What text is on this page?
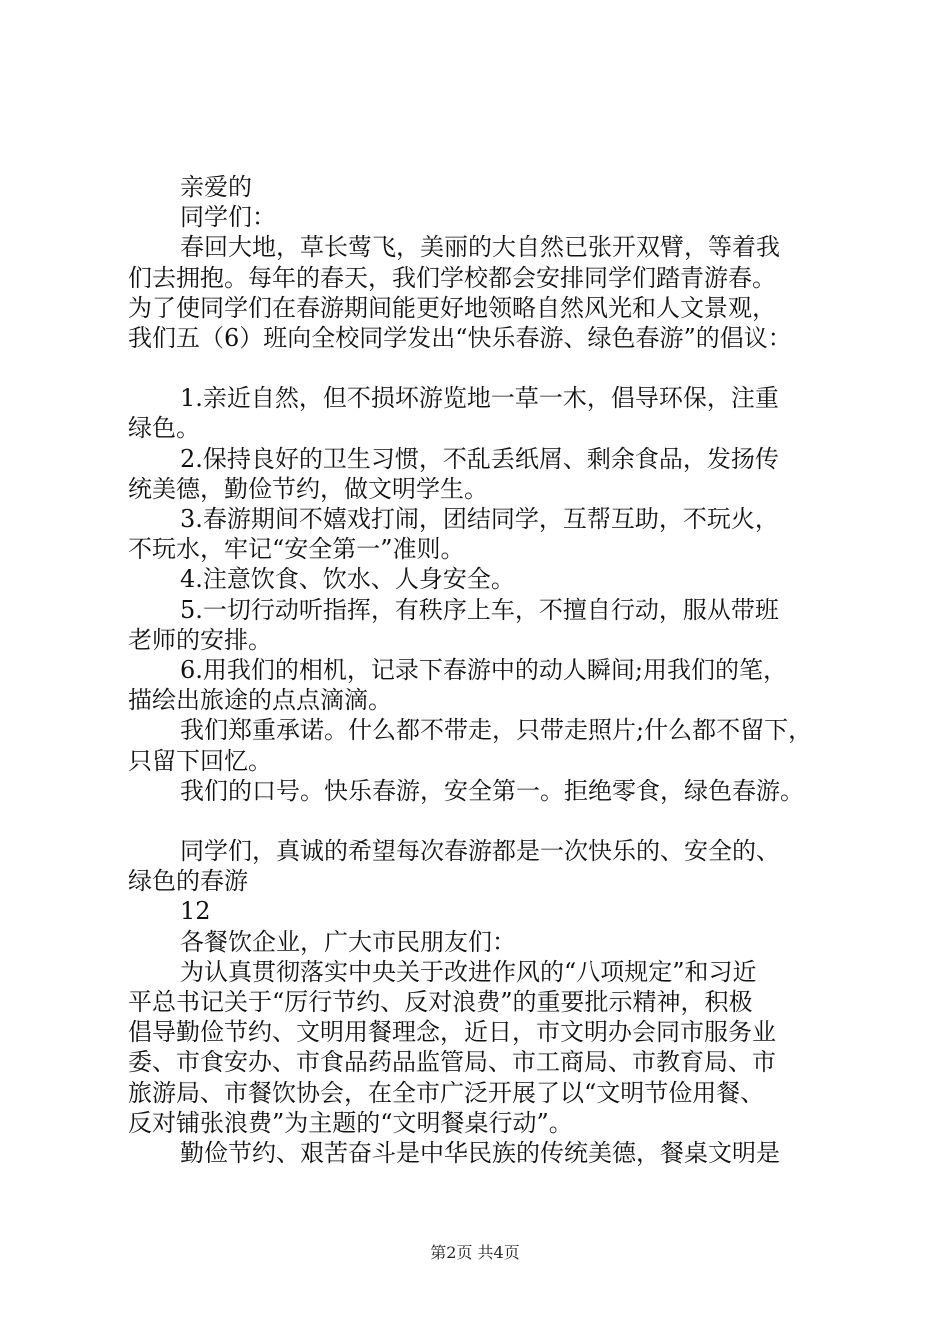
亲爱的

同学们：

春回大地，草长莺飞，美丽的大自然已张开双臂，等着我

们去拥抱。每年的春天，我们学校都会安排同学们踏青游春。

为了使同学们在春游期间能更好地领略自然风光和人文景观，

我们五（6）班向全校同学发出“快乐春游、绿色春游”的倡议：

1.亲近自然，但不损坏游览地一草一木，倡导环保，注重

绿色。

2.保持良好的卫生习惯，不乱丢纸屑、剩余食品，发扬传

统美德，勤俭节约，做文明学生。

3.春游期间不嬉戏打闹，团结同学，互帮互助，不玩火，

不玩水，牢记“安全第一”准则。

4.注意饮食、饮水、人身安全。

5.一切行动听指挥，有秩序上车，不擅自行动，服从带班

老师的安排。

6.用我们的相机，记录下春游中的动人瞬间;用我们的笔，

描绘出旅途的点点滴滴。

我们郑重承诺。什么都不带走，只带走照片;什么都不留下，

只留下回忆。

我们的口号。快乐春游，安全第一。拒绝零食，绿色春游。

同学们，真诚的希望每次春游都是一次快乐的、安全的、

绿色的春游

12

各餐饮企业，广大市民朋友们：

为认真贯彻落实中央关于改进作风的“八项规定”和习近

平总书记关于“厉行节约、反对浪费”的重要批示精神，积极

倡导勤俭节约、文明用餐理念，近日，市文明办会同市服务业

委、市食安办、市食品药品监管局、市工商局、市教育局、市

旅游局、市餐饮协会，在全市广泛开展了以“文明节俭用餐、

反对铺张浪费”为主题的“文明餐桌行动”。

勤俭节约、艰苦奋斗是中华民族的传统美德，餐桌文明是

第2页 共4页
